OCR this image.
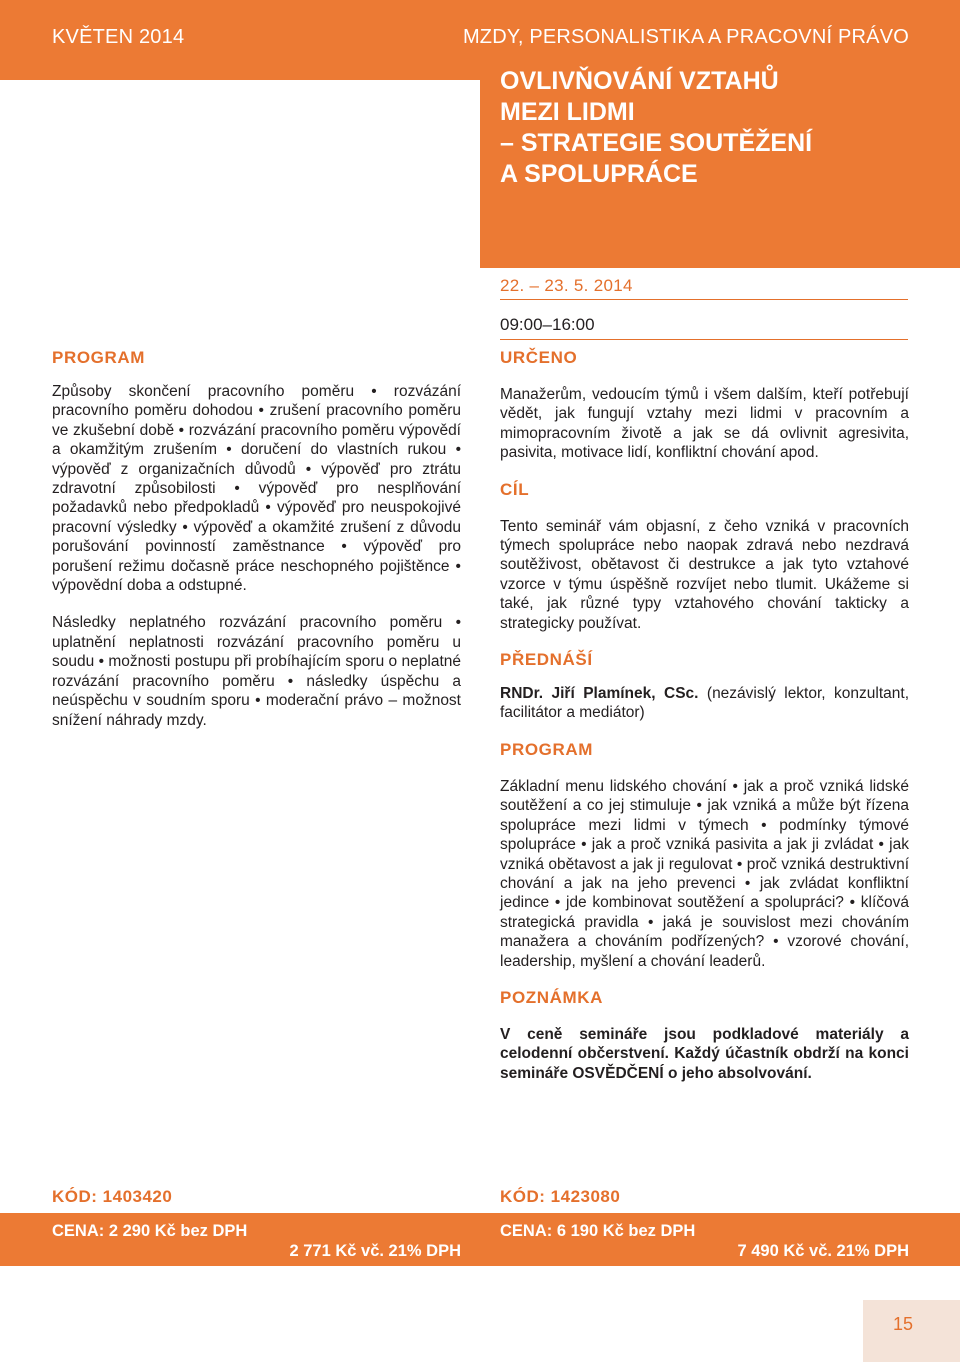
KVĚTEN 2014	MZDY, PERSONALISTIKA A PRACOVNÍ PRÁVO
OVLIVŇOVÁNÍ VZTAHŮ
MEZI LIDMI
– STRATEGIE SOUTĚŽENÍ
A SPOLUPRÁCE
22. – 23. 5. 2014
09:00–16:00
PROGRAM

Způsoby skončení pracovního poměru • rozvázání pracovního poměru dohodou • zrušení pracovního poměru ve zkušební době • rozvázání pracovního poměru výpovědí a okamžitým zrušením • doručení do vlastních rukou • výpověď z organizačních důvodů • výpověď pro ztrátu zdravotní způsobilosti • výpověď pro nesplňování požadavků nebo předpokladů • výpověď pro neuspokojivé pracovní výsledky • výpověď a okamžité zrušení z důvodu porušování povinností zaměstnance • výpověď pro porušení režimu dočasně práce neschopného pojištěnce • výpovědní doba a odstupné.

Následky neplatného rozvázání pracovního poměru • uplatnění neplatnosti rozvázání pracovního poměru u soudu • možnosti postupu při probíhajícím sporu o neplatné rozvázání pracovního poměru • následky úspěchu a neúspěchu v soudním sporu • moderační právo – možnost snížení náhrady mzdy.

URČENO

Manažerům, vedoucím týmů i všem dalším, kteří potřebují vědět, jak fungují vztahy mezi lidmi v pracovním a mimopracovním životě a jak se dá ovlivnit agresivita, pasivita, motivace lidí, konfliktní chování apod.

CÍL

Tento seminář vám objasní, z čeho vzniká v pracovních týmech spolupráce nebo naopak zdravá nebo nezdravá soutěživost, obětavost či destrukce a jak tyto vztahové vzorce v týmu úspěšně rozvíjet nebo tlumit. Ukážeme si také, jak různé typy vztahového chování takticky a strategicky používat.

PŘEDNÁŠÍ

RNDr. Jiří Plamínek, CSc. (nezávislý lektor, konzultant, facilitátor a mediátor)

PROGRAM

Základní menu lidského chování • jak a proč vzniká lidské soutěžení a co jej stimuluje • jak vzniká a může být řízena spolupráce mezi lidmi v týmech • podmínky týmové spolupráce • jak a proč vzniká pasivita a jak ji zvládat • jak vzniká obětavost a jak ji regulovat • proč vzniká destruktivní chování a jak na jeho prevenci • jak zvládat konfliktní jedince • jde kombinovat soutěžení a spolupráci? • klíčová strategická pravidla • jaká je souvislost mezi chováním manažera a chováním podřízených? • vzorové chování, leadership, myšlení a chování leaderů.

POZNÁMKA

V ceně semináře jsou podkladové materiály a celodenní občerstvení. Každý účastník obdrží na konci semináře OSVĚDČENÍ o jeho absolvování.

KÓD: 1403420	KÓD: 1423080
CENA: 2 290 Kč bez DPH
2 771 Kč vč. 21% DPH
CENA: 6 190 Kč bez DPH
7 490 Kč vč. 21% DPH
15
